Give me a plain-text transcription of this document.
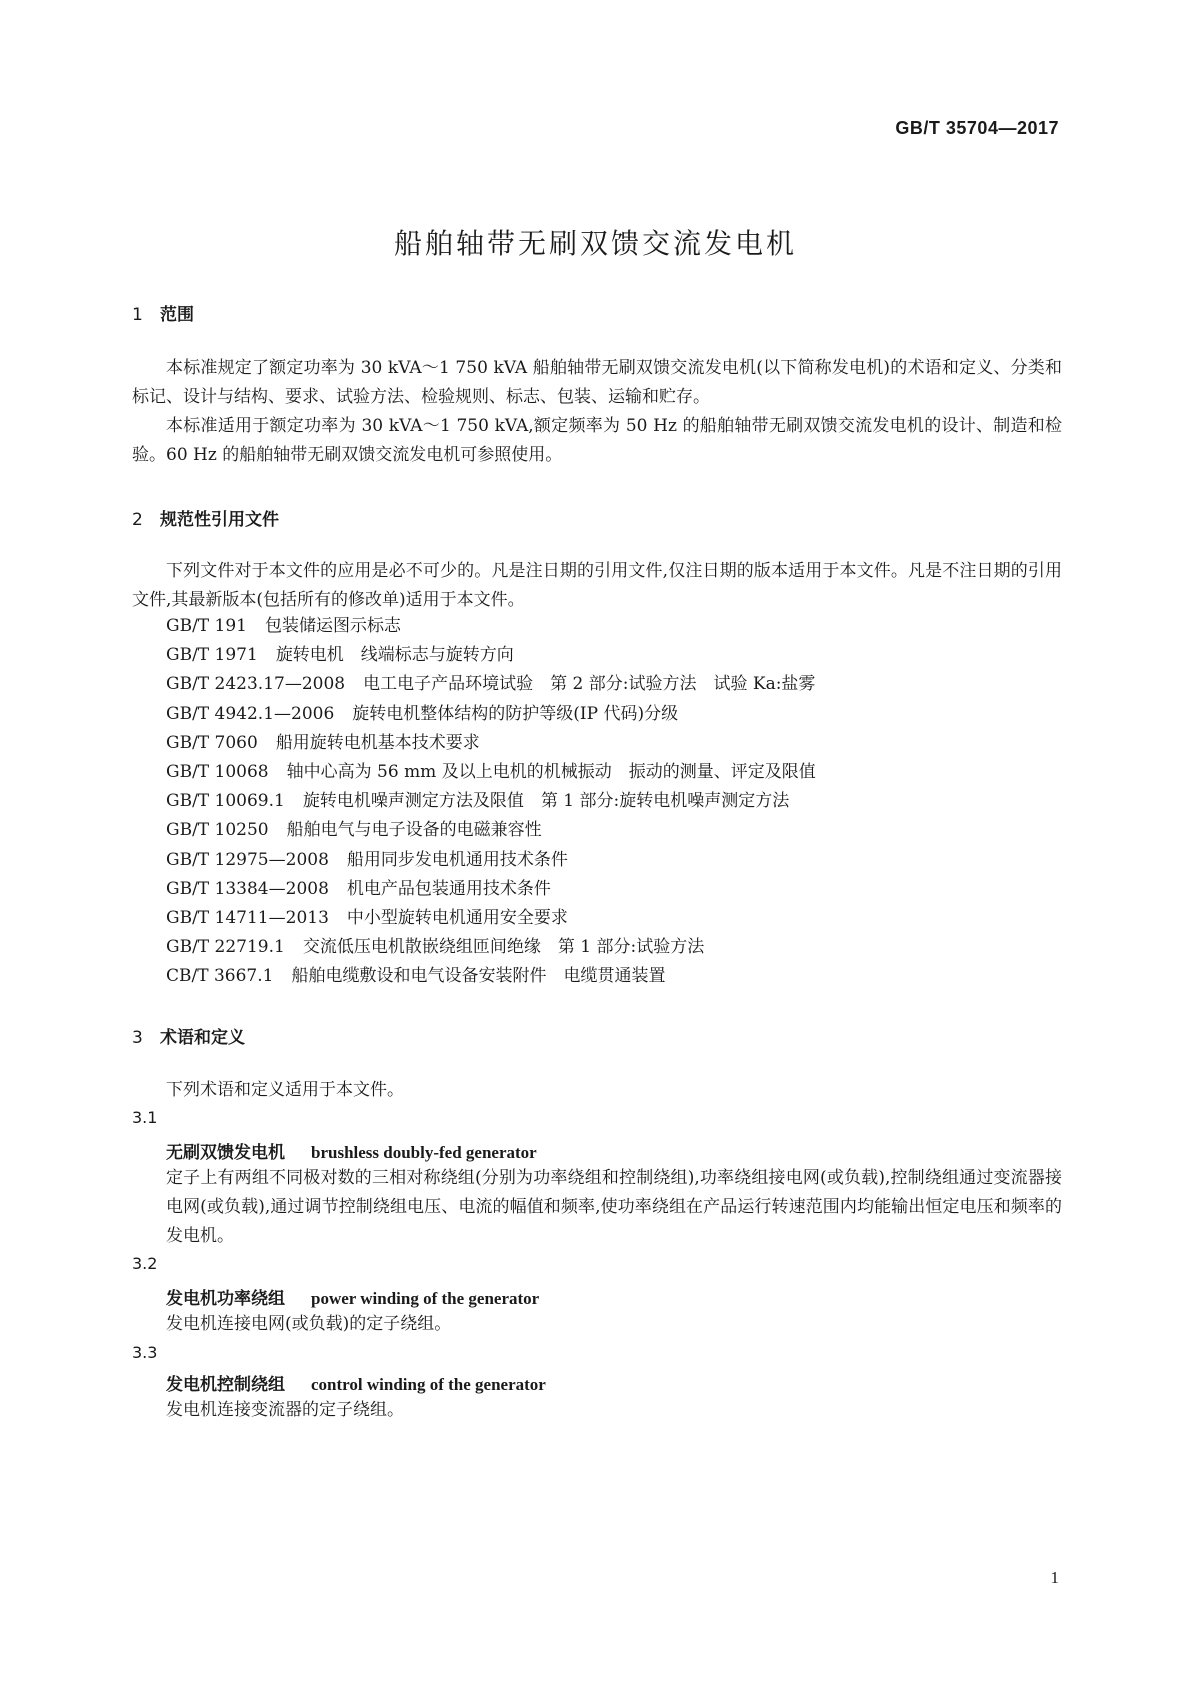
GB/T 35704—2017
船舶轴带无刷双馈交流发电机
1 范围

本标准规定了额定功率为 30 kVA～1 750 kVA 船舶轴带无刷双馈交流发电机(以下简称发电机)的术语和定义、分类和标记、设计与结构、要求、试验方法、检验规则、标志、包装、运输和贮存。

本标准适用于额定功率为 30 kVA～1 750 kVA,额定频率为 50 Hz 的船舶轴带无刷双馈交流发电机的设计、制造和检验。60 Hz 的船舶轴带无刷双馈交流发电机可参照使用。

2 规范性引用文件

下列文件对于本文件的应用是必不可少的。凡是注日期的引用文件,仅注日期的版本适用于本文件。凡是不注日期的引用文件,其最新版本(包括所有的修改单)适用于本文件。

GB/T 191 包装储运图示标志
GB/T 1971 旋转电机　线端标志与旋转方向
GB/T 2423.17—2008 电工电子产品环境试验　第 2 部分:试验方法　试验 Ka:盐雾
GB/T 4942.1—2006 旋转电机整体结构的防护等级(IP 代码)分级
GB/T 7060 船用旋转电机基本技术要求
GB/T 10068 轴中心高为 56 mm 及以上电机的机械振动　振动的测量、评定及限值
GB/T 10069.1 旋转电机噪声测定方法及限值　第 1 部分:旋转电机噪声测定方法
GB/T 10250 船舶电气与电子设备的电磁兼容性
GB/T 12975—2008 船用同步发电机通用技术条件
GB/T 13384—2008 机电产品包装通用技术条件
GB/T 14711—2013 中小型旋转电机通用安全要求
GB/T 22719.1 交流低压电机散嵌绕组匝间绝缘　第 1 部分:试验方法
CB/T 3667.1 船舶电缆敷设和电气设备安装附件　电缆贯通装置
3 术语和定义

下列术语和定义适用于本文件。

3.1
无刷双馈发电机 brushless doubly-fed generator

定子上有两组不同极对数的三相对称绕组(分别为功率绕组和控制绕组),功率绕组接电网(或负载),控制绕组通过变流器接电网(或负载),通过调节控制绕组电压、电流的幅值和频率,使功率绕组在产品运行转速范围内均能输出恒定电压和频率的发电机。

3.2
发电机功率绕组 power winding of the generator

发电机连接电网(或负载)的定子绕组。

3.3
发电机控制绕组 control winding of the generator

发电机连接变流器的定子绕组。

1
